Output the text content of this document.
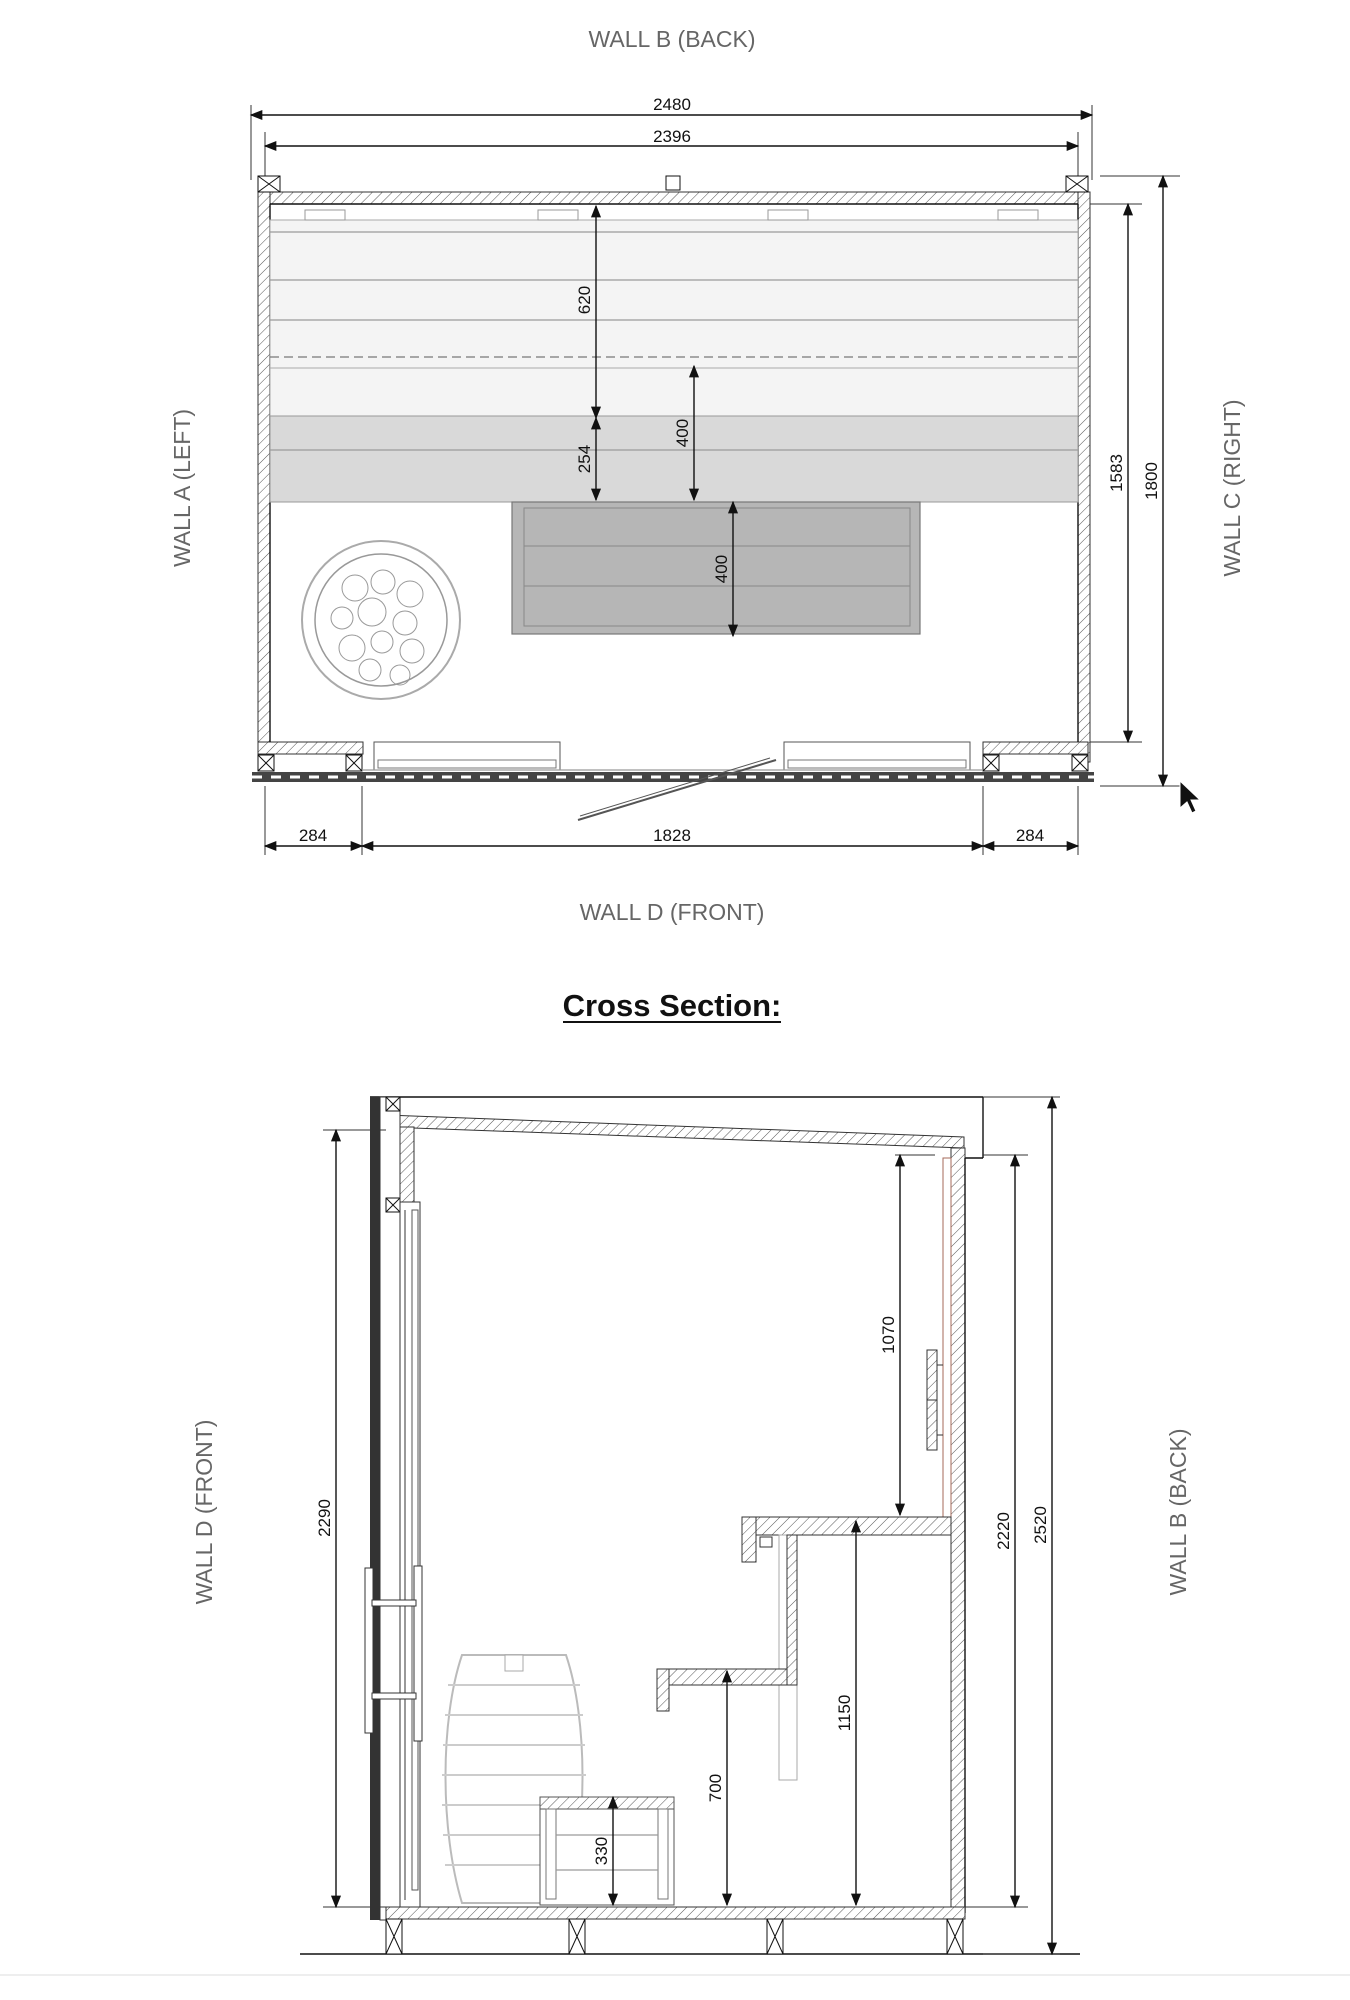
WALL B (BACK)
WALL D (FRONT)
WALL A (LEFT)	WALL C (RIGHT)
2480
2396
620
254
400
400
1583 1800
284	1828	284
Cross Section:
WALL D (FRONT)	WALL B (BACK)
2290
1070
1150
700
330
2220 2520
